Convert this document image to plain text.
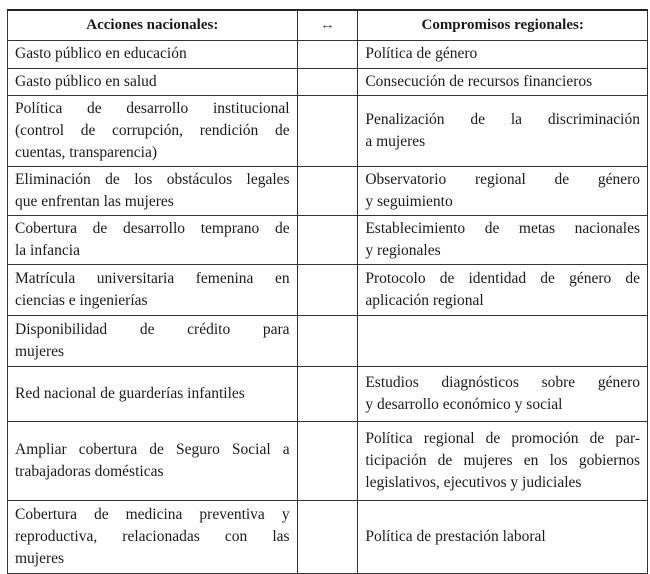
Acciones nacionales:	↔	Compromisos regionales:

Gasto público en educación		Política de género

Gasto público en salud		Consecución de recursos financieros

Política de desarrollo institucional
(control de corrupción, rendición de
cuentas, transparencia)		Penalización de la discriminación
a mujeres

Eliminación de los obstáculos legales
que enfrentan las mujeres		Observatorio regional de género
y seguimiento

Cobertura de desarrollo temprano de
la infancia		Establecimiento de metas nacionales
y regionales

Matrícula universitaria femenina en
ciencias e ingenierías		Protocolo de identidad de género de
aplicación regional

Disponibilidad de crédito para
mujeres		

Red nacional de guarderías infantiles		Estudios diagnósticos sobre género
y desarrollo económico y social

Ampliar cobertura de Seguro Social a
trabajadoras domésticas		Política regional de promoción de par-
ticipación de mujeres en los gobiernos
legislativos, ejecutivos y judiciales

Cobertura de medicina preventiva y
reproductiva, relacionadas con las
mujeres		Política de prestación laboral
